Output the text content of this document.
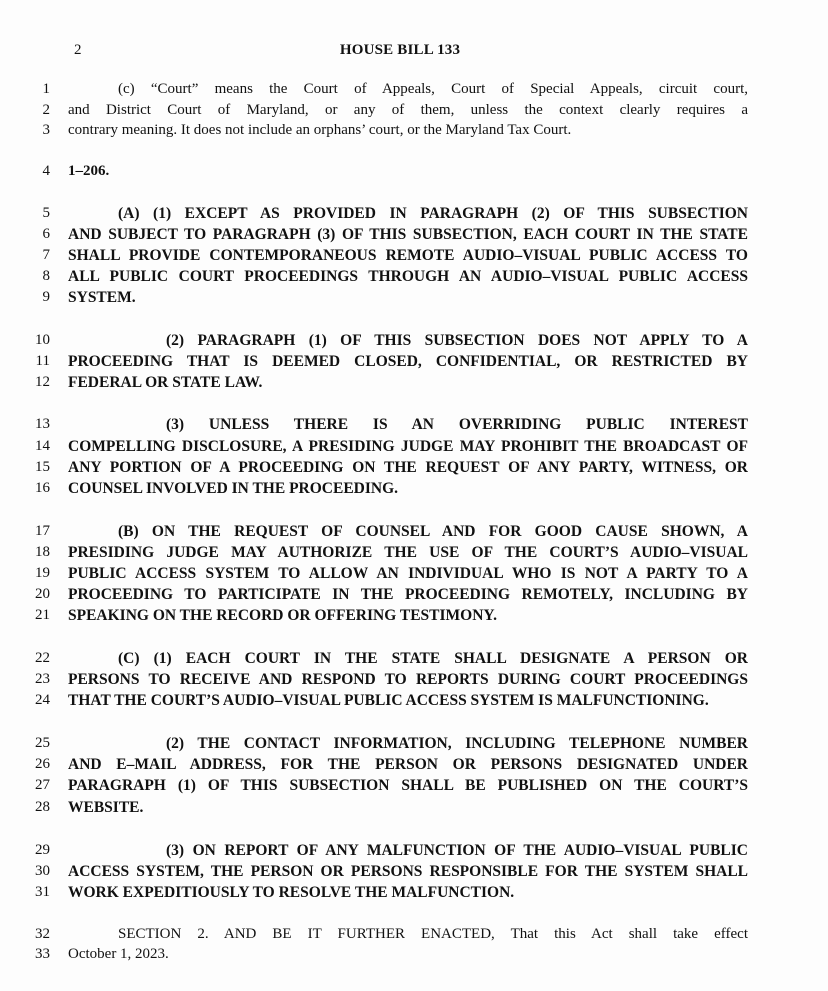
2	HOUSE BILL 133
1	(c) “Court” means the Court of Appeals, Court of Special Appeals, circuit court,
2 and District Court of Maryland, or any of them, unless the context clearly requires a
3 contrary meaning. It does not include an orphans’ court, or the Maryland Tax Court.
4 1–206.
5	(A) (1) EXCEPT AS PROVIDED IN PARAGRAPH (2) OF THIS SUBSECTION
6 AND SUBJECT TO PARAGRAPH (3) OF THIS SUBSECTION, EACH COURT IN THE STATE
7 SHALL PROVIDE CONTEMPORANEOUS REMOTE AUDIO–VISUAL PUBLIC ACCESS TO
8 ALL PUBLIC COURT PROCEEDINGS THROUGH AN AUDIO–VISUAL PUBLIC ACCESS
9 SYSTEM.
10	(2) PARAGRAPH (1) OF THIS SUBSECTION DOES NOT APPLY TO A
11 PROCEEDING THAT IS DEEMED CLOSED, CONFIDENTIAL, OR RESTRICTED BY
12 FEDERAL OR STATE LAW.
13	(3) UNLESS THERE IS AN OVERRIDING PUBLIC INTEREST
14 COMPELLING DISCLOSURE, A PRESIDING JUDGE MAY PROHIBIT THE BROADCAST OF
15 ANY PORTION OF A PROCEEDING ON THE REQUEST OF ANY PARTY, WITNESS, OR
16 COUNSEL INVOLVED IN THE PROCEEDING.
17	(B) ON THE REQUEST OF COUNSEL AND FOR GOOD CAUSE SHOWN, A
18 PRESIDING JUDGE MAY AUTHORIZE THE USE OF THE COURT’S AUDIO–VISUAL
19 PUBLIC ACCESS SYSTEM TO ALLOW AN INDIVIDUAL WHO IS NOT A PARTY TO A
20 PROCEEDING TO PARTICIPATE IN THE PROCEEDING REMOTELY, INCLUDING BY
21 SPEAKING ON THE RECORD OR OFFERING TESTIMONY.
22	(C) (1) EACH COURT IN THE STATE SHALL DESIGNATE A PERSON OR
23 PERSONS TO RECEIVE AND RESPOND TO REPORTS DURING COURT PROCEEDINGS
24 THAT THE COURT’S AUDIO–VISUAL PUBLIC ACCESS SYSTEM IS MALFUNCTIONING.
25	(2) THE CONTACT INFORMATION, INCLUDING TELEPHONE NUMBER
26 AND E–MAIL ADDRESS, FOR THE PERSON OR PERSONS DESIGNATED UNDER
27 PARAGRAPH (1) OF THIS SUBSECTION SHALL BE PUBLISHED ON THE COURT’S
28 WEBSITE.
29	(3) ON REPORT OF ANY MALFUNCTION OF THE AUDIO–VISUAL PUBLIC
30 ACCESS SYSTEM, THE PERSON OR PERSONS RESPONSIBLE FOR THE SYSTEM SHALL
31 WORK EXPEDITIOUSLY TO RESOLVE THE MALFUNCTION.
32	SECTION 2. AND BE IT FURTHER ENACTED, That this Act shall take effect
33 October 1, 2023.
